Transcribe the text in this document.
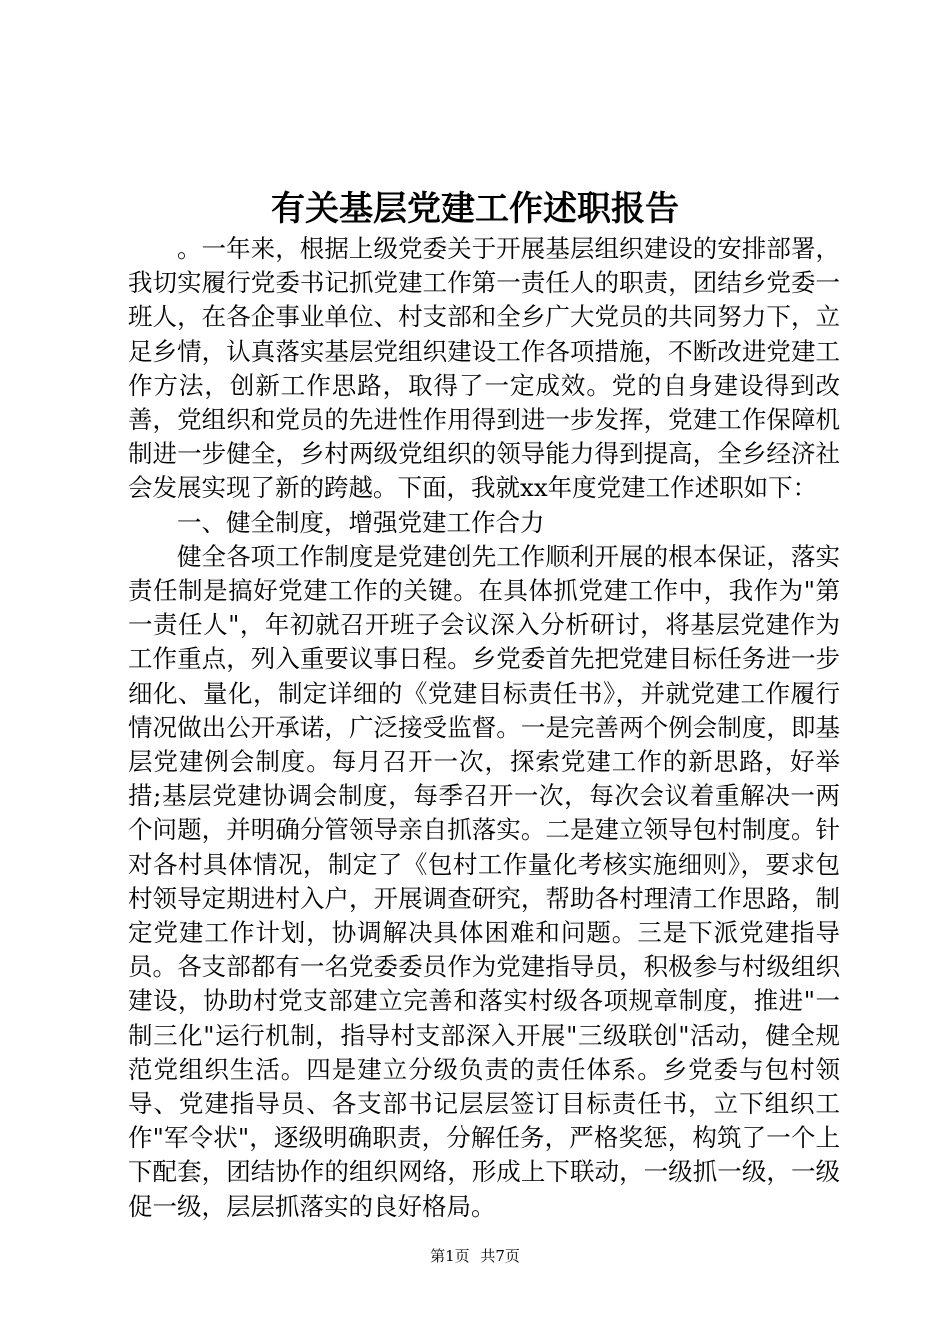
有关基层党建工作述职报告

。一年来，根据上级党委关于开展基层组织建设的安排部署，我切实履行党委书记抓党建工作第一责任人的职责，团结乡党委一班人，在各企事业单位、村支部和全乡广大党员的共同努力下，立足乡情，认真落实基层党组织建设工作各项措施，不断改进党建工作方法，创新工作思路，取得了一定成效。党的自身建设得到改善，党组织和党员的先进性作用得到进一步发挥，党建工作保障机制进一步健全，乡村两级党组织的领导能力得到提高，全乡经济社会发展实现了新的跨越。下面，我就xx年度党建工作述职如下：

一、健全制度，增强党建工作合力

健全各项工作制度是党建创先工作顺利开展的根本保证，落实责任制是搞好党建工作的关键。在具体抓党建工作中，我作为"第一责任人"，年初就召开班子会议深入分析研讨，将基层党建作为工作重点，列入重要议事日程。乡党委首先把党建目标任务进一步细化、量化，制定详细的《党建目标责任书》，并就党建工作履行情况做出公开承诺，广泛接受监督。一是完善两个例会制度，即基层党建例会制度。每月召开一次，探索党建工作的新思路，好举措;基层党建协调会制度，每季召开一次，每次会议着重解决一两个问题，并明确分管领导亲自抓落实。二是建立领导包村制度。针对各村具体情况，制定了《包村工作量化考核实施细则》，要求包村领导定期进村入户，开展调查研究，帮助各村理清工作思路，制定党建工作计划，协调解决具体困难和问题。三是下派党建指导员。各支部都有一名党委委员作为党建指导员，积极参与村级组织建设，协助村党支部建立完善和落实村级各项规章制度，推进"一制三化"运行机制，指导村支部深入开展"三级联创"活动，健全规范党组织生活。四是建立分级负责的责任体系。乡党委与包村领导、党建指导员、各支部书记层层签订目标责任书，立下组织工作"军令状"，逐级明确职责，分解任务，严格奖惩，构筑了一个上下配套，团结协作的组织网络，形成上下联动，一级抓一级，一级促一级，层层抓落实的良好格局。

第1页 共7页
